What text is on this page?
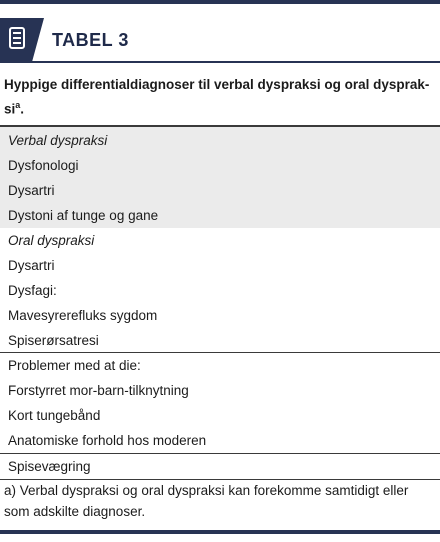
TABEL 3
Hyppige differentialdiagnoser til verbal dyspraksi og oral dysprak-$si^a$.
Verbal dyspraksi
Dysfonologi
Dysartri
Dystoni af tunge og gane
Oral dyspraksi
Dysartri
Dysfagi:
Mavesyrerefluks sygdom
Spiserørsatresi
Problemer med at die:
Forstyrret mor-barn-tilknytning
Kort tungebånd
Anatomiske forhold hos moderen
Spisevægring
a) Verbal dyspraksi og oral dyspraksi kan forekomme samtidigt eller som adskilte diagnoser.
